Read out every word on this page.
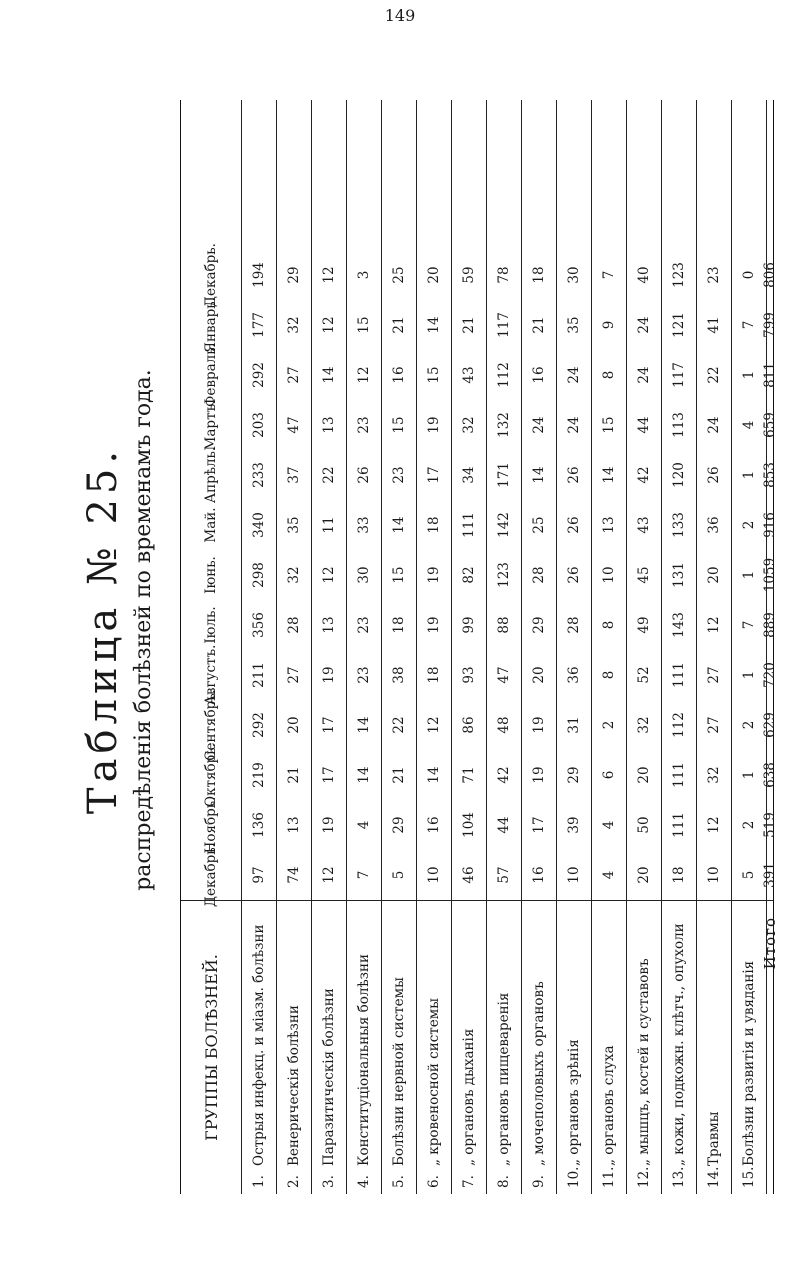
149
Таблица № 25. распредѣленія болѣзней по временамъ года.
ГРУППЫ БОЛѢЗНЕЙ.
Декабрь.
Ноябрь.
Октябрь.
Сентябрь.
Августъ.
Іюль.
Іюнь.
Май.
Апрѣль.
Мартъ.
Февраль.
Январь.
Декабрь.
1.
Острыя инфекц. и міазм. болѣзни
97
136
219
292
211
356
298
340
233
203
292
177
194
2.
Венерическія болѣзни
74
13
21
20
27
28
32
35
37
47
27
32
29
3.
Паразитическія болѣзни
12
19
17
17
19
13
12
11
22
13
14
12
12
4.
Конституціональныя болѣзни
7
4
14
14
23
23
30
33
26
23
12
15
3
5.
Болѣзни нервной системы
5
29
21
22
38
18
15
14
23
15
16
21
25
6.
„ кровеносной системы
10
16
14
12
18
19
19
18
17
19
15
14
20
7.
„ органовъ дыханія
46
104
71
86
93
99
82
111
34
32
43
21
59
8.
„ органовъ пищеваренія
57
44
42
48
47
88
123
142
171
132
112
117
78
9.
„ мочеполовыхъ органовъ
16
17
19
19
20
29
28
25
14
24
16
21
18
10.
„ органовъ зрѣнія
10
39
29
31
36
28
26
26
26
24
24
35
30
11.
„ органовъ слуха
4
4
6
2
8
8
10
13
14
15
8
9
7
12.
„ мышцъ, костей и суставовъ
20
50
20
32
52
49
45
43
42
44
24
24
40
13.
„ кожи, подкожн. клѣтч., опухоли
18
111
111
112
111
143
131
133
120
113
117
121
123
14.
Травмы
10
12
32
27
27
12
20
36
26
24
22
41
23
15.
Болѣзни развитія и увяданія
5
2
1
2
1
7
1
2
1
4
1
7
0
Итого
391
519
638
629
720
889
1059
916
853
659
811
799
806
